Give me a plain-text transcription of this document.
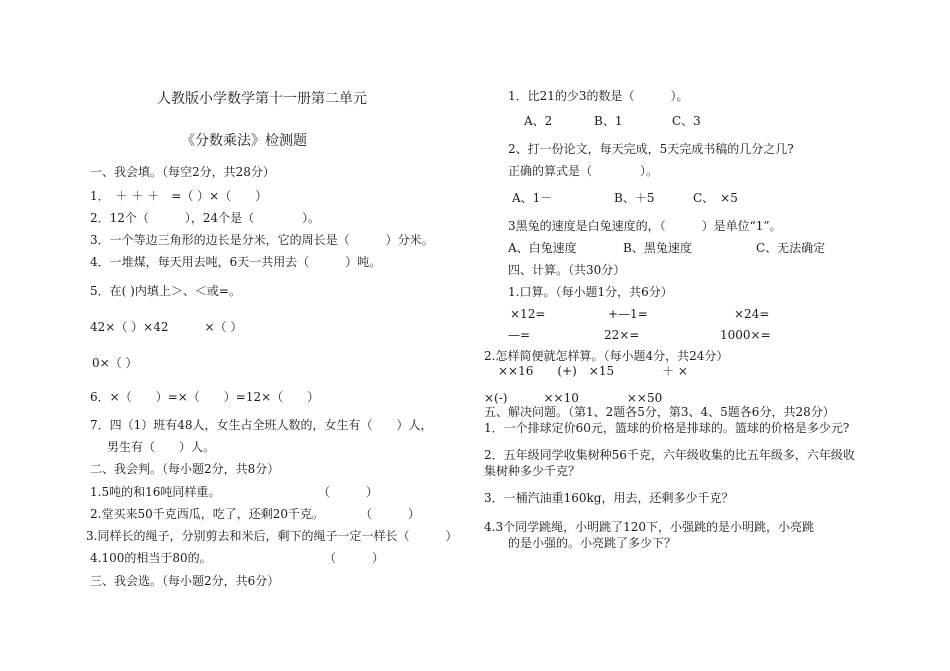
人教版小学数学第十一册第二单元
《分数乘法》检测题
一、我会填。（每空2分，共28分）
1．　＋ ＋ ＋　=（ ）×（　　）
2．12个（　　　），24个是（　　　　）。
3．一个等边三角形的边长是分米，它的周长是（　　　）分米。
4．一堆煤，每天用去吨，6天一共用去（　　　）吨。
5．在( )内填上＞、＜或=。
42×（ ）×42　　　×（ ）
0×（ ）
6．×（　　）=×（　　）=12×（　　）
7．四（1）班有48人，女生占全班人数的，女生有（　　）人，
男生有（　　）人。
二、我会判。（每小题2分，共8分）
1.5吨的和16吨同样重。	（　　　）
2.堂买来50千克西瓜，吃了，还剩20千克。	（　　　）
3.同样长的绳子，分别剪去和米后，剩下的绳子一定一样长（　　　）
4.100的相当于80的。	（　　　）
三、我会选。（每小题2分，共6分）
1．比21的少3的数是（　　　）。
A、2	B、1	C、3
2、打一份论文，每天完成，5天完成书稿的几分之几?
正确的算式是（　　　　）。
A、1－	B、＋5	C、　×5
3黑兔的速度是白兔速度的，（　　　）是单位“1”。
A、白兔速度	B、黑兔速度	C、无法确定
四、计算。（共30分）
1.口算。（每小题1分，共6分）
×12=	+—1=	×24=
—=	22×=	1000×=
2.怎样简便就怎样算。（每小题4分，共24分）
××16　　(+)　×15　　　　＋ ×
×(-)　　　××10　　　　××50
五、解决问题。（第1、2题各5分，第3、4、5题各6分，共28分）
1．一个排球定价60元，篮球的价格是排球的。篮球的价格是多少元?
2．五年级同学收集树种56千克，六年级收集的比五年级多，六年级收
集树种多少千克？
3．一桶汽油重160kg，用去，还剩多少千克？
4.3个同学跳绳，小明跳了120下，小强跳的是小明跳，小亮跳
的是小强的。小亮跳了多少下？
